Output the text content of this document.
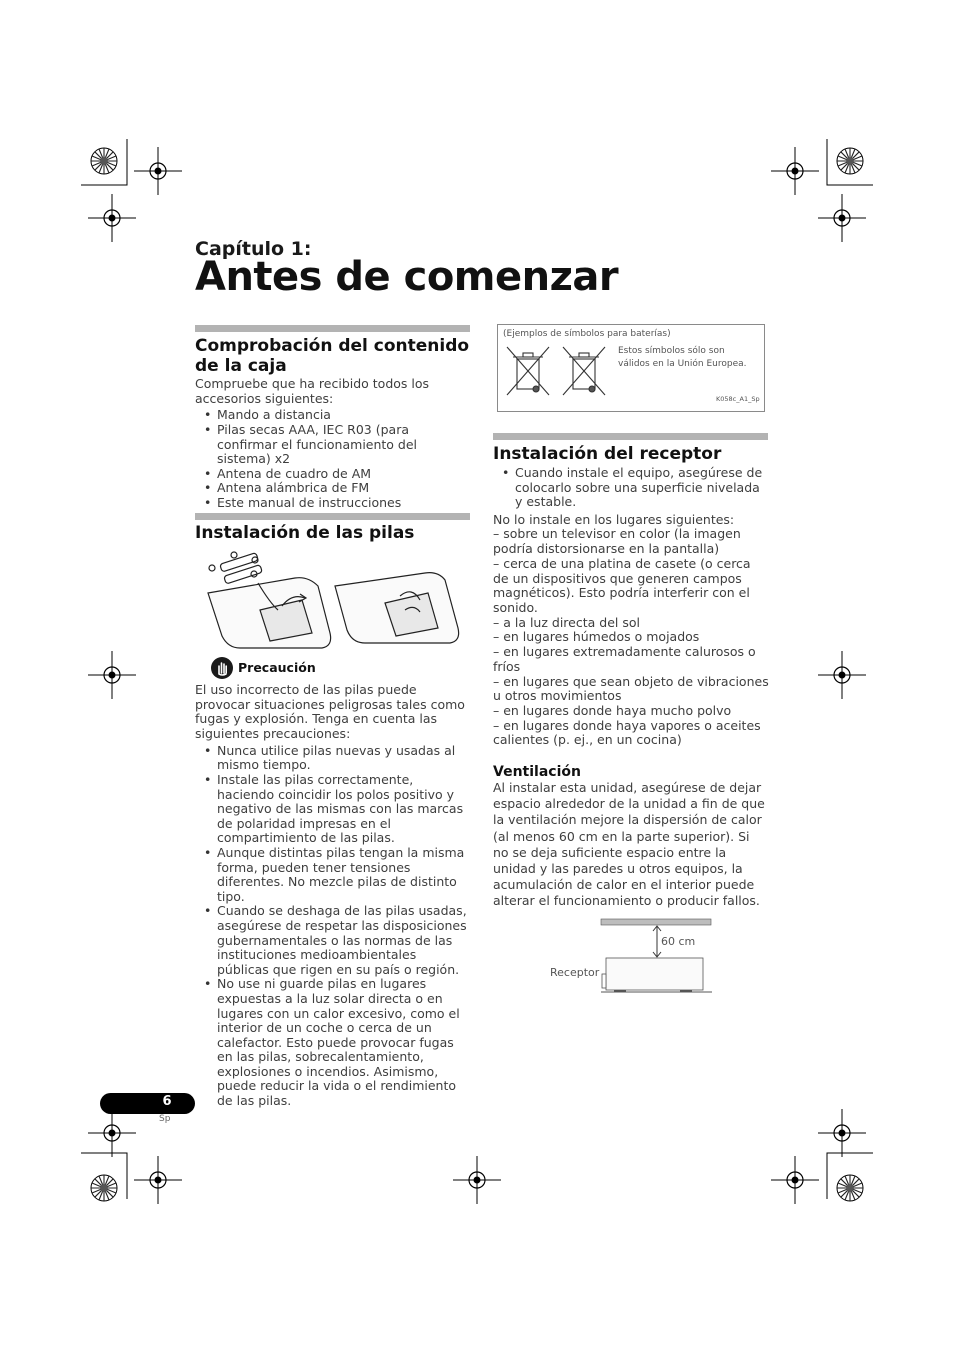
Capítulo 1:
Antes de comenzar
Comprobación del contenido de la caja
Compruebe que ha recibido todos los accesorios siguientes:
• Mando a distancia
• Pilas secas AAA, IEC R03 (para confirmar el funcionamiento del sistema) x2
• Antena de cuadro de AM
• Antena alámbrica de FM
• Este manual de instrucciones
Instalación de las pilas
Precaución
El uso incorrecto de las pilas puede provocar situaciones peligrosas tales como fugas y explosión. Tenga en cuenta las siguientes precauciones:
• Nunca utilice pilas nuevas y usadas al mismo tiempo.
• Instale las pilas correctamente, haciendo coincidir los polos positivo y negativo de las mismas con las marcas de polaridad impresas en el compartimiento de las pilas.
• Aunque distintas pilas tengan la misma forma, pueden tener tensiones diferentes. No mezcle pilas de distinto tipo.
• Cuando se deshaga de las pilas usadas, asegúrese de respetar las disposiciones gubernamentales o las normas de las instituciones medioambientales públicas que rigen en su país o región.
• No use ni guarde pilas en lugares expuestas a la luz solar directa o en lugares con un calor excesivo, como el interior de un coche o cerca de un calefactor. Esto puede provocar fugas en las pilas, sobrecalentamiento, explosiones o incendios. Asimismo, puede reducir la vida o el rendimiento de las pilas.
(Ejemplos de símbolos para baterías)
Estos símbolos sólo son válidos en la Unión Europea.
K058c_A1_Sp
Instalación del receptor
• Cuando instale el equipo, asegúrese de colocarlo sobre una superficie nivelada y estable.
No lo instale en los lugares siguientes:
– sobre un televisor en color (la imagen podría distorsionarse en la pantalla)
– cerca de una platina de casete (o cerca de un dispositivos que generen campos magnéticos). Esto podría interferir con el sonido.
– a la luz directa del sol
– en lugares húmedos o mojados
– en lugares extremadamente calurosos o fríos
– en lugares que sean objeto de vibraciones u otros movimientos
– en lugares donde haya mucho polvo
– en lugares donde haya vapores o aceites calientes (p. ej., en un cocina)
Ventilación
Al instalar esta unidad, asegúrese de dejar espacio alrededor de la unidad a fin de que la ventilación mejore la dispersión de calor (al menos 60 cm en la parte superior). Si no se deja suficiente espacio entre la unidad y las paredes u otros equipos, la acumulación de calor en el interior puede alterar el funcionamiento o producir fallos.
60 cm
Receptor
6
Sp
